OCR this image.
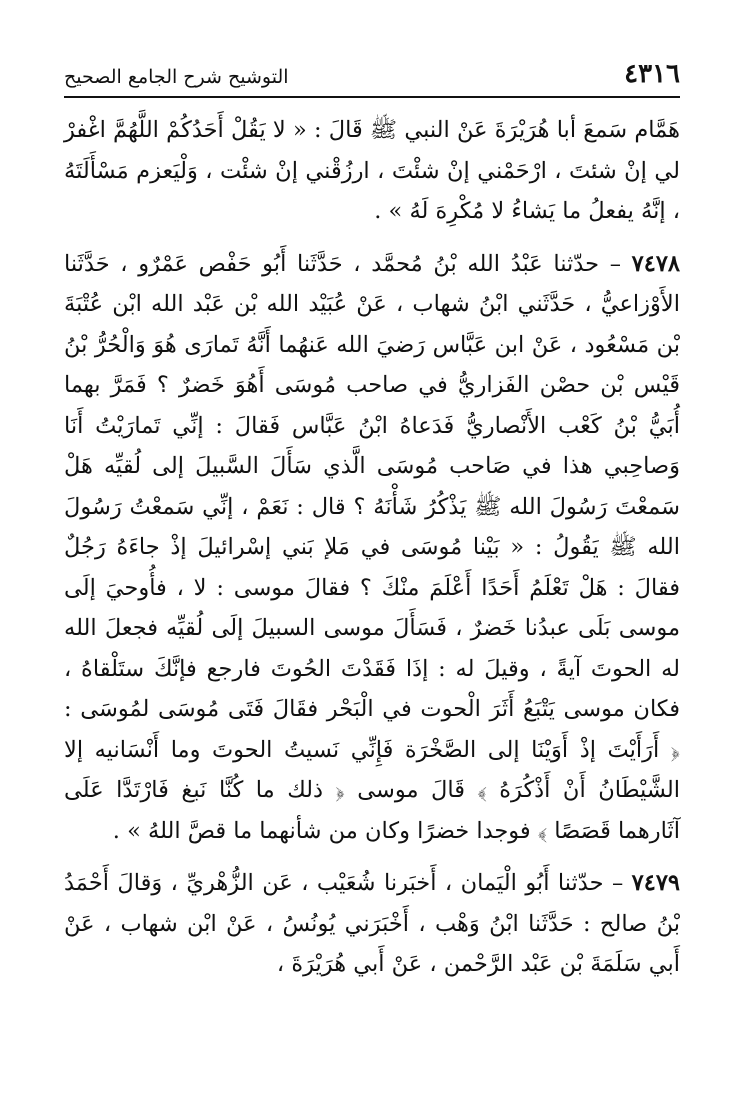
٤٣١٦
التوشيح شرح الجامع الصحيح

هَمَّام سَمعَ أبا هُرَيْرَةَ عَنْ النبي ﷺ قَالَ : « لا يَقُلْ أَحَدُكُمْ اللَّهُمَّ اغْفرْ لي إنْ شئتَ ، ارْحَمْني إنْ شئْتَ ، ارزُقْني إنْ شئْت ، وَلْيَعزم مَسْأَلَتَهُ ، إنَّهُ يفعلُ ما يَشاءُ لا مُكْرِهَ لَهُ » .

٧٤٧٨ – حدّثنا عَبْدُ الله بْنُ مُحمَّد ، حَدَّثَنا أَبُو حَفْص عَمْرٌو ، حَدَّثَنا الأَوْزاعيُّ ، حَدَّثَني ابْنُ شهاب ، عَنْ عُبَيْد الله بْن عَبْد الله ابْن عُتْبَةَ بْن مَسْعُود ، عَنْ ابن عَبَّاس رَضيَ الله عَنهُما أَنَّهُ تَمارَى هُوَ وَالْحُرُّ بْنُ قَيْس بْن حصْن الفَزاريُّ في صاحب مُوسَى أَهُوَ خَضرٌ ؟ فَمَرَّ بهما أُبَيُّ بْنُ كَعْب الأَنْصاريُّ فَدَعاهُ ابْنُ عَبَّاس فَقالَ : إنِّي تَمارَيْتُ أَنَا وَصاحِبي هذا في صَاحب مُوسَى الَّذي سَأَلَ السَّبيلَ إلى لُقيِّه هَلْ سَمعْتَ رَسُولَ الله ﷺ يَذْكُرُ شَأْنَهُ ؟ قال : نَعَمْ ، إنِّي سَمعْتُ رَسُولَ الله ﷺ يَقُولُ : « بَيْنا مُوسَى في مَلإ بَني إسْرائيلَ إذْ جاءَهُ رَجُلٌ فقالَ : هَلْ تَعْلَمُ أَحَدًا أَعْلَمَ منْكَ ؟ فقالَ موسى : لا ، فأُوحيَ إلَى موسى بَلَى عبدُنا خَضرٌ ، فَسَأَلَ موسى السبيلَ إلَى لُقيِّه فجعلَ الله له الحوتَ آيةً ، وقيلَ له : إذَا فَقَدْتَ الحُوتَ فارجع فإنَّكَ ستَلْقاهُ ، فكان موسى يَتْبَعُ أَثَرَ الْحوت في الْبَحْر فقَالَ فَتَى مُوسَى لمُوسَى : ﴿ أَرَأَيْتَ إذْ أَوَيْنَا إلى الصَّخْرَة فَإِنِّي نَسيتُ الحوتَ وما أَنْسَانيه إلا الشَّيْطَانُ أَنْ أَذْكُرَهُ ﴾ قَالَ موسى ﴿ ذلك ما كُنَّا نَبغ فَارْتَدَّا عَلَى آثَارهما قَصَصًا ﴾ فوجدا خضرًا وكان من شأنهما ما قصَّ اللهُ » .

٧٤٧٩ – حدّثنا أَبُو الْيَمان ، أَخبَرنا شُعَيْب ، عَن الزُّهْريِّ ، وَقالَ أَحْمَدُ بْنُ صالح : حَدَّثَنا ابْنُ وَهْب ، أَخْبَرَني يُونُسُ ، عَنْ ابْن شهاب ، عَنْ أَبي سَلَمَةَ بْن عَبْد الرَّحْمن ، عَنْ أَبي هُرَيْرَةَ ،
